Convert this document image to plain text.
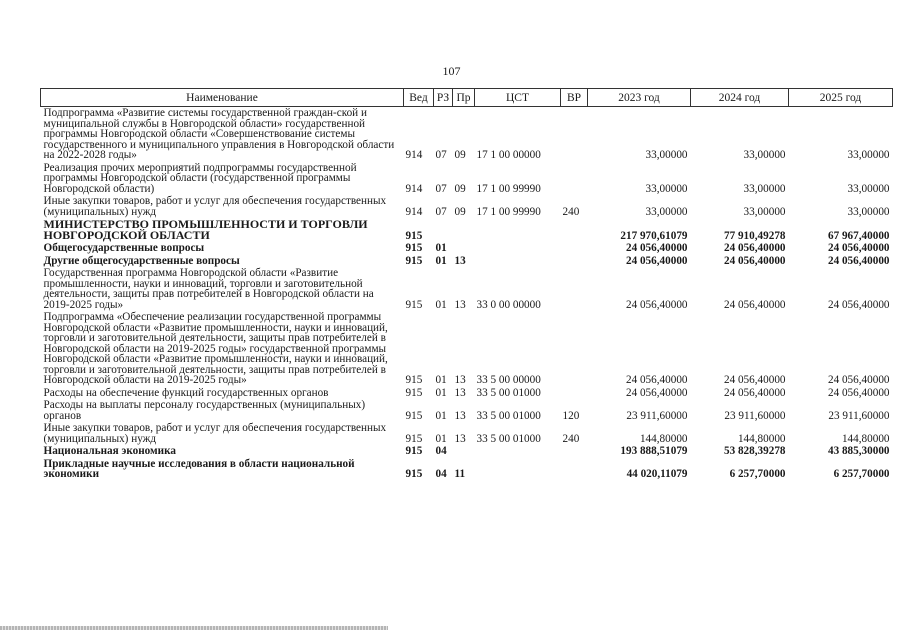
107
Наименование	Вед	РЗ	Пр	ЦСТ	ВР	2023 год	2024 год	2025 год
Подпрограмма «Развитие системы государственной граждан-ской и муниципальной службы в Новгородской области» государственной программы Новгородской области «Совершенствование системы государственного и муниципального управления в Новгородской области на 2022-2028 годы»	914	07	09	17 1 00 00000		33,00000	33,00000	33,00000
Реализация прочих мероприятий подпрограммы государственной программы Новгородской области (государственной программы Новгородской области)	914	07	09	17 1 00 99990		33,00000	33,00000	33,00000
Иные закупки товаров, работ и услуг для обеспечения государственных (муниципальных) нужд	914	07	09	17 1 00 99990	240	33,00000	33,00000	33,00000
МИНИСТЕРСТВО ПРОМЫШЛЕННОСТИ И ТОРГОВЛИ НОВГОРОДСКОЙ ОБЛАСТИ	915					217 970,61079	77 910,49278	67 967,40000
Общегосударственные вопросы	915	01				24 056,40000	24 056,40000	24 056,40000
Другие общегосударственные вопросы	915	01	13			24 056,40000	24 056,40000	24 056,40000
Государственная программа Новгородской области «Развитие промышленности, науки и инноваций, торговли и заготовительной деятельности, защиты прав потребителей в Новгородской области на 2019-2025 годы»	915	01	13	33 0 00 00000		24 056,40000	24 056,40000	24 056,40000
Подпрограмма «Обеспечение реализации государственной программы Новгородской области «Развитие промышленности, науки и инноваций, торговли и заготовительной деятельности, защиты прав потребителей в Новгородской области на 2019-2025 годы» государственной программы Новгородской области «Развитие промышленности, науки и инноваций, торговли и заготовительной деятельности, защиты прав потребителей в Новгородской области на 2019-2025 годы»	915	01	13	33 5 00 00000		24 056,40000	24 056,40000	24 056,40000
Расходы на обеспечение функций государственных органов	915	01	13	33 5 00 01000		24 056,40000	24 056,40000	24 056,40000
Расходы на выплаты персоналу государственных (муниципальных) органов	915	01	13	33 5 00 01000	120	23 911,60000	23 911,60000	23 911,60000
Иные закупки товаров, работ и услуг для обеспечения государственных (муниципальных) нужд	915	01	13	33 5 00 01000	240	144,80000	144,80000	144,80000
Национальная экономика	915	04				193 888,51079	53 828,39278	43 885,30000
Прикладные научные исследования в области национальной экономики	915	04	11			44 020,11079	6 257,70000	6 257,70000
